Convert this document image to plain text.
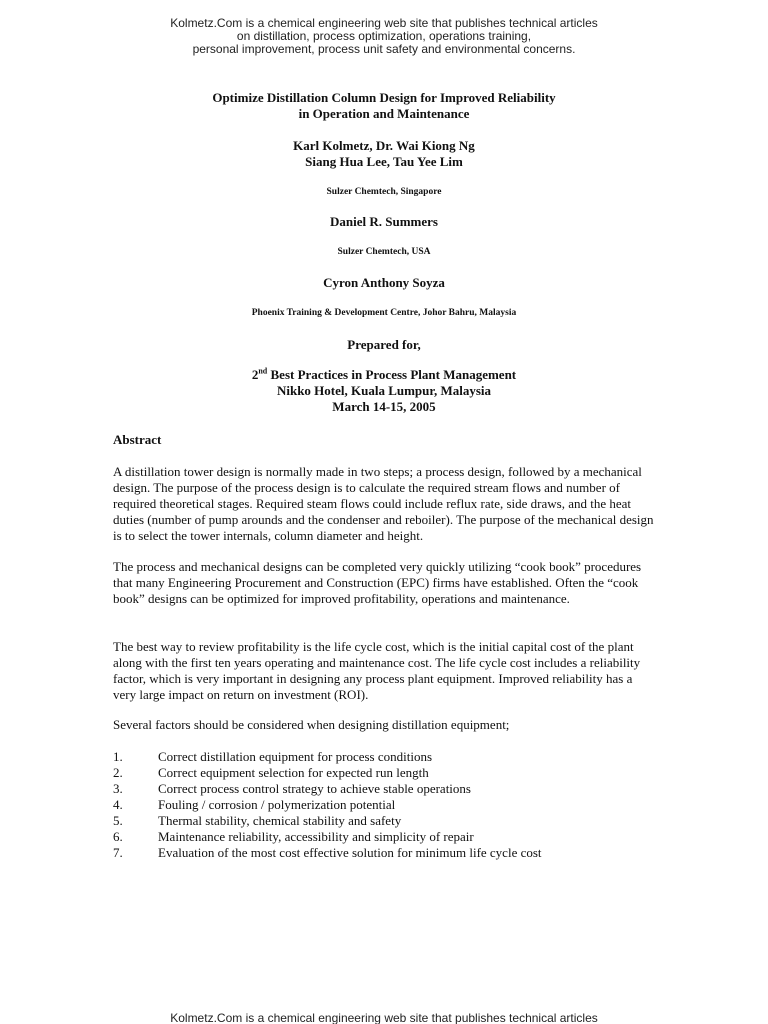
Kolmetz.Com is a chemical engineering web site that publishes technical articles
on distillation, process optimization, operations training,
personal improvement, process unit safety and environmental concerns.
Optimize Distillation Column Design for Improved Reliability
in Operation and Maintenance
Karl Kolmetz, Dr. Wai Kiong Ng
Siang Hua Lee, Tau Yee Lim
Sulzer Chemtech, Singapore
Daniel R. Summers
Sulzer Chemtech, USA
Cyron Anthony Soyza
Phoenix Training & Development Centre, Johor Bahru, Malaysia
Prepared for,
2nd Best Practices in Process Plant Management
Nikko Hotel, Kuala Lumpur, Malaysia
March 14-15, 2005
Abstract
A distillation tower design is normally made in two steps; a process design, followed by a mechanical design. The purpose of the process design is to calculate the required stream flows and number of required theoretical stages. Required steam flows could include reflux rate, side draws, and the heat duties (number of pump arounds and the condenser and reboiler). The purpose of the mechanical design is to select the tower internals, column diameter and height.
The process and mechanical designs can be completed very quickly utilizing “cook book” procedures that many Engineering Procurement and Construction (EPC) firms have established. Often the “cook book” designs can be optimized for improved profitability, operations and maintenance.
The best way to review profitability is the life cycle cost, which is the initial capital cost of the plant along with the first ten years operating and maintenance cost. The life cycle cost includes a reliability factor, which is very important in designing any process plant equipment. Improved reliability has a very large impact on return on investment (ROI).
Several factors should be considered when designing distillation equipment;
1.	Correct distillation equipment for process conditions
2.	Correct equipment selection for expected run length
3.	Correct process control strategy to achieve stable operations
4.	Fouling / corrosion / polymerization potential
5.	Thermal stability, chemical stability and safety
6.	Maintenance reliability, accessibility and simplicity of repair
7.	Evaluation of the most cost effective solution for minimum life cycle cost
Kolmetz.Com is a chemical engineering web site that publishes technical articles
